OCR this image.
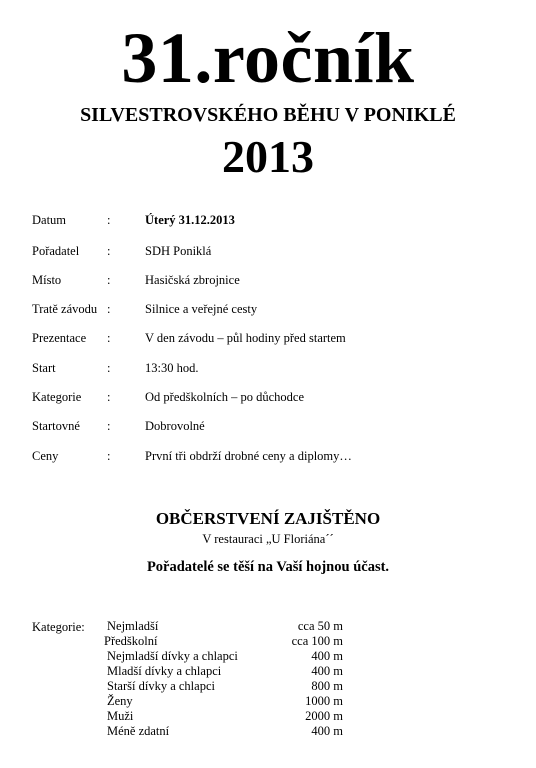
31.ročník
SILVESTROVSKÉHO BĚHU V PONIKLÉ
2013
Datum	:	Úterý 31.12.2013
Pořadatel :	SDH Poniklá
Místo	:	Hasičská zbrojnice
Tratě závodu :	Silnice a veřejné cesty
Prezentace :	V den závodu – půl hodiny před startem
Start	:	13:30 hod.
Kategorie :	Od předškolních – po důchodce
Startovné :	Dobrovolné
Ceny	:	První tři obdrží drobné ceny a diplomy…
OBČERSTVENÍ ZAJIŠTĚNO
V restauraci „U Floriána´´
Pořadatelé se těší na Vaší hojnou účast.
Kategorie: Nejmladší	cca 50 m
Předškolní	cca 100 m
Nejmladší dívky a chlapci	400 m
Mladší dívky a chlapci	400 m
Starší dívky a chlapci	800 m
Ženy	1000 m
Muži	2000 m
Méně zdatní	400 m
